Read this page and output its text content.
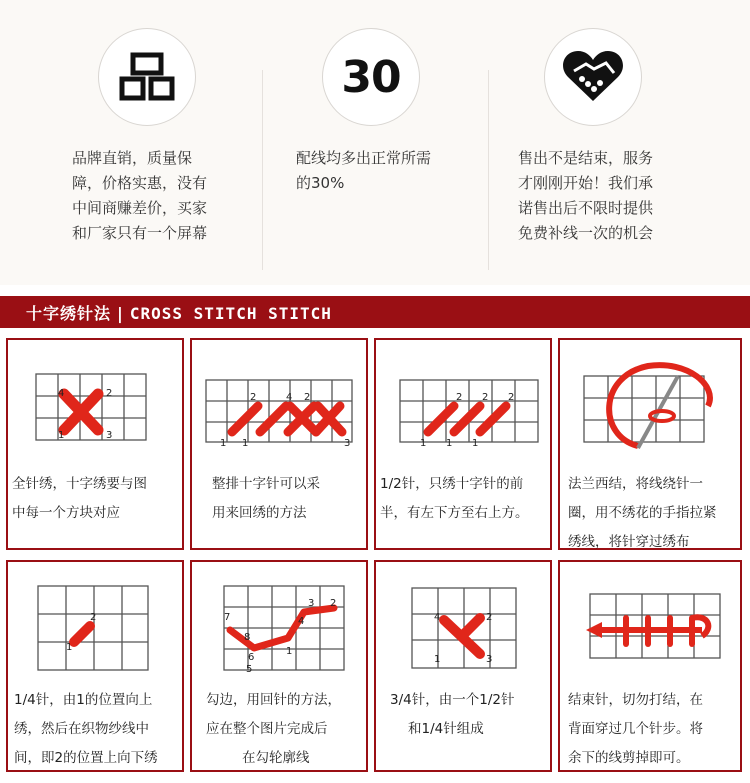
品牌直销，质量保
障，价格实惠，没有
中间商赚差价，买家
和厂家只有一个屏幕
30
配线均多出正常所需
的30%
售出不是结束，服务
才刚刚开始！我们承
诺售出后不限时提供
免费补线一次的机会
十字绣针法 | CROSS STITCH STITCH
4	2
1	3
全针绣，十字绣要与图
中每一个方块对应
2	4 2
1 1	3
整排十字针可以采
用来回绣的方法
2 2 2
1 1 1
1/2针，只绣十字针的前
半，有左下方至右上方。
法兰西结，将线绕针一
圈，用不绣花的手指拉紧
绣线，将针穿过绣布
2
1
1/4针，由1的位置向上
绣，然后在织物纱线中
间，即2的位置上向下绣
7
3
8
4
2
6
1
5
勾边，用回针的方法，
应在整个图片完成后
在勾轮廓线
4	2
1	3
3/4针，由一个1/2针
和1/4针组成
结束针，切勿打结，在
背面穿过几个针步。将
余下的线剪掉即可。
